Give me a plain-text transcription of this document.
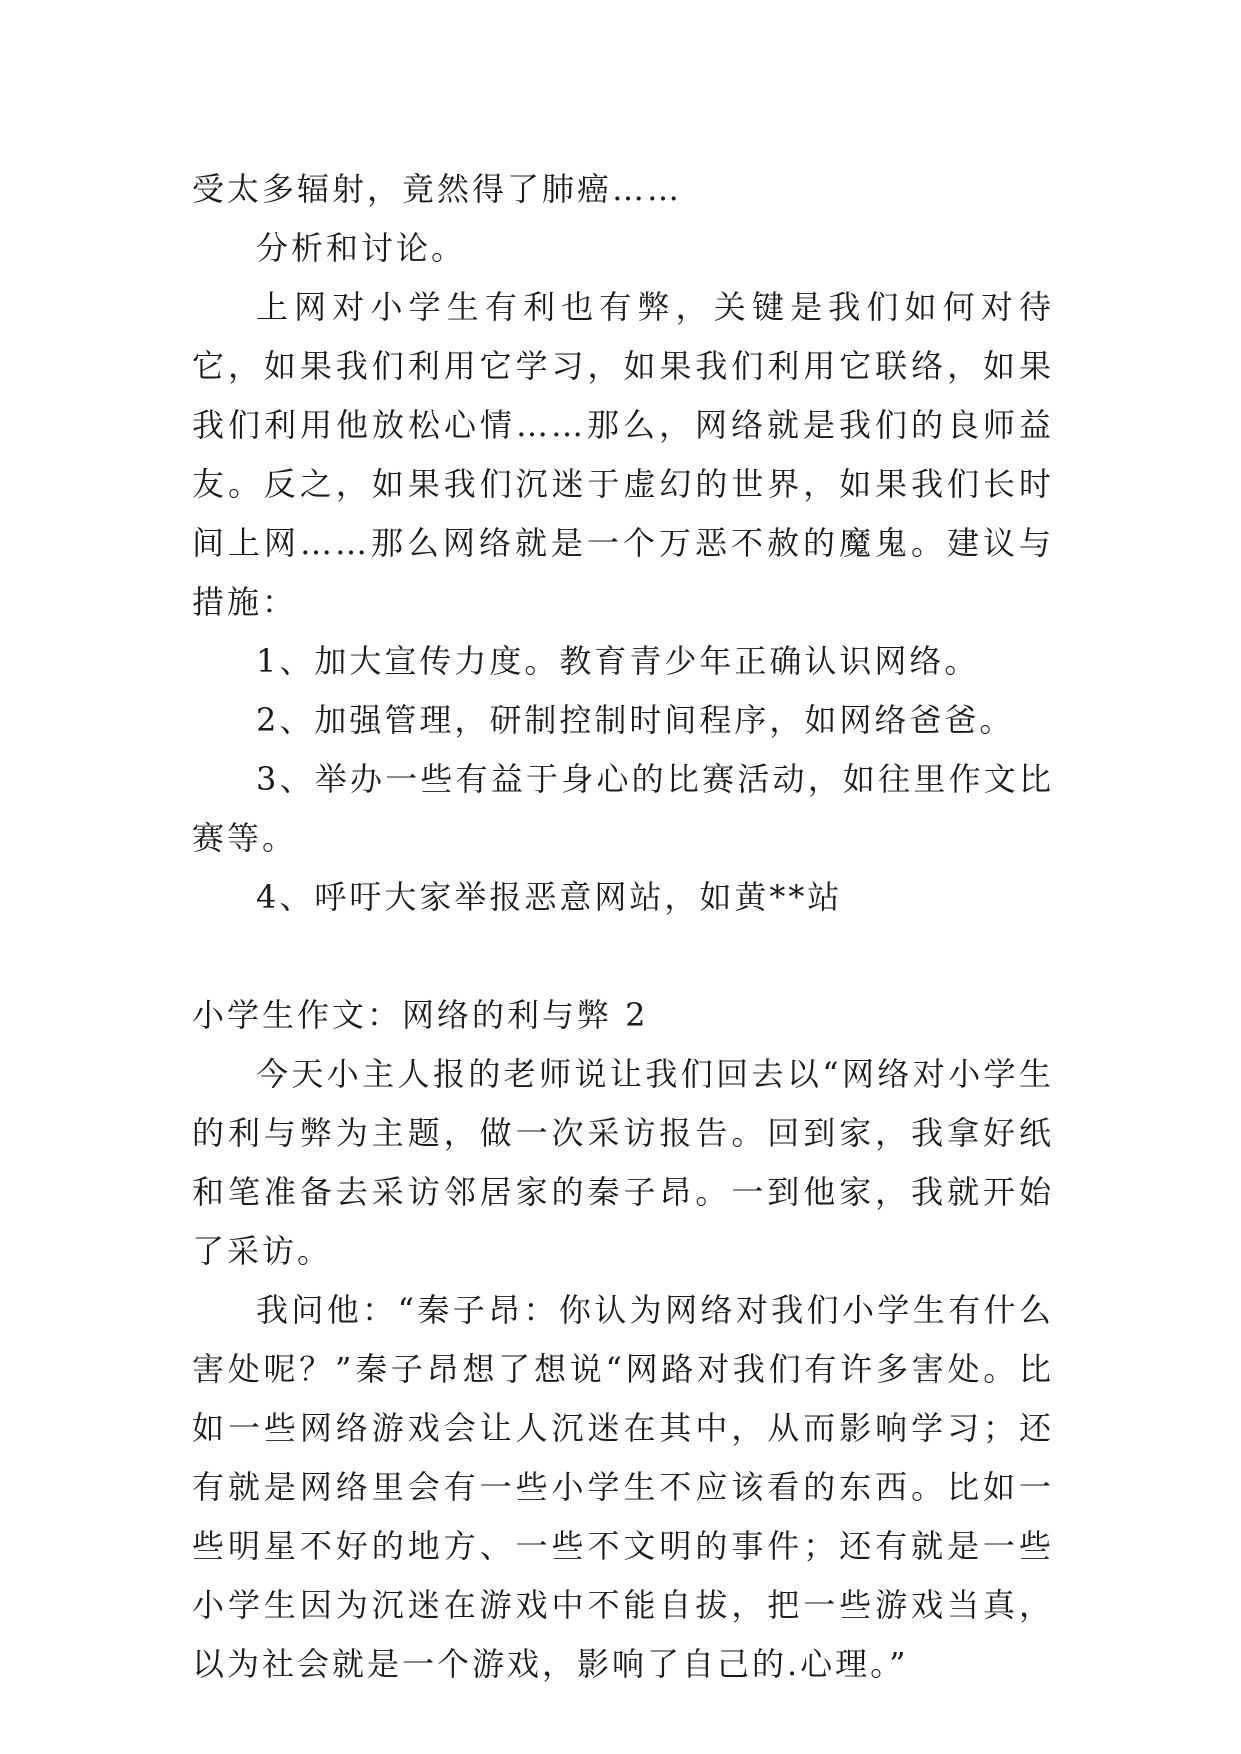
受太多辐射，竟然得了肺癌……

分析和讨论。

上网对小学生有利也有弊，关键是我们如何对待它，如果我们利用它学习，如果我们利用它联络，如果我们利用他放松心情……那么，网络就是我们的良师益友。反之，如果我们沉迷于虚幻的世界，如果我们长时间上网……那么网络就是一个万恶不赦的魔鬼。建议与措施：

1、加大宣传力度。教育青少年正确认识网络。

2、加强管理，研制控制时间程序，如网络爸爸。

3、举办一些有益于身心的比赛活动，如往里作文比赛等。

4、呼吁大家举报恶意网站，如黄**站

小学生作文：网络的利与弊 2

今天小主人报的老师说让我们回去以“网络对小学生的利与弊为主题，做一次采访报告。回到家，我拿好纸和笔准备去采访邻居家的秦子昂。一到他家，我就开始了采访。

我问他：“秦子昂：你认为网络对我们小学生有什么害处呢？”秦子昂想了想说“网路对我们有许多害处。比如一些网络游戏会让人沉迷在其中，从而影响学习；还有就是网络里会有一些小学生不应该看的东西。比如一些明星不好的地方、一些不文明的事件；还有就是一些小学生因为沉迷在游戏中不能自拔，把一些游戏当真，以为社会就是一个游戏，影响了自己的.心理。”
